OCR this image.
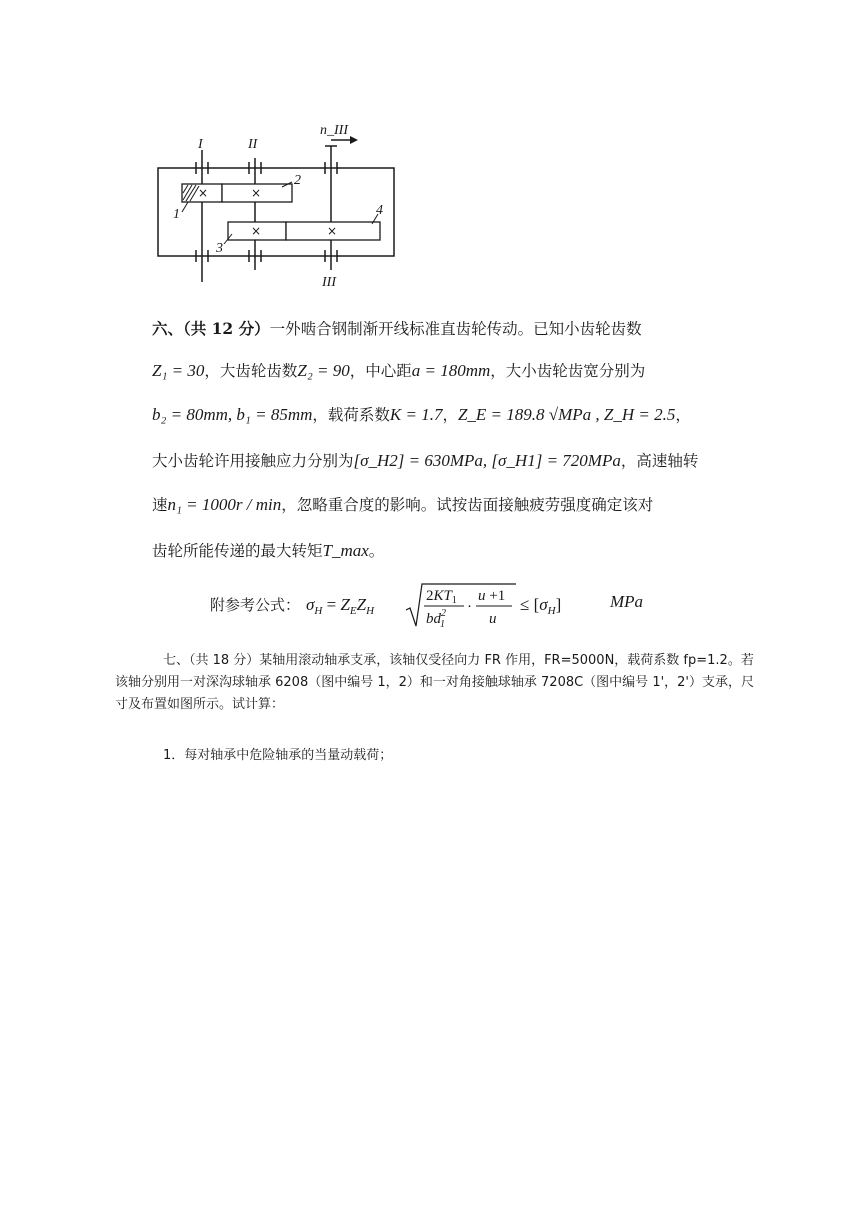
×	×
×	×
I	II
n_III
III
1
2
3
4
六、（共 12 分）一外啮合钢制渐开线标准直齿轮传动。已知小齿轮齿数
Z₁ = 30，大齿轮齿数Z₂ = 90，中心距a = 180mm，大小齿轮齿宽分别为
b₂ = 80mm, b₁ = 85mm，载荷系数K = 1.7，Z_E = 189.8 √MPa , Z_H = 2.5，
大小齿轮许用接触应力分别为[σ_H2] = 630MPa, [σ_H1] = 720MPa，高速轴转
速n₁ = 1000r / min，忽略重合度的影响。试按齿面接触疲劳强度确定该对
齿轮所能传递的最大转矩T_max。
附参考公式： $\sigma_H = Z_EZ_H$
$2KT_1$
$bd^2$ 1
·
u +1
u
≤ $[\sigma_H]$	MPa

七、（共 18 分）某轴用滚动轴承支承，该轴仅受径向力 FR 作用，FR=5000N，载荷系数 fp=1.2。若该轴分别用一对深沟球轴承 6208（图中编号 1，2）和一对角接触球轴承 7208C（图中编号 1'，2'）支承，尺寸及布置如图所示。试计算：

1．每对轴承中危险轴承的当量动载荷；
